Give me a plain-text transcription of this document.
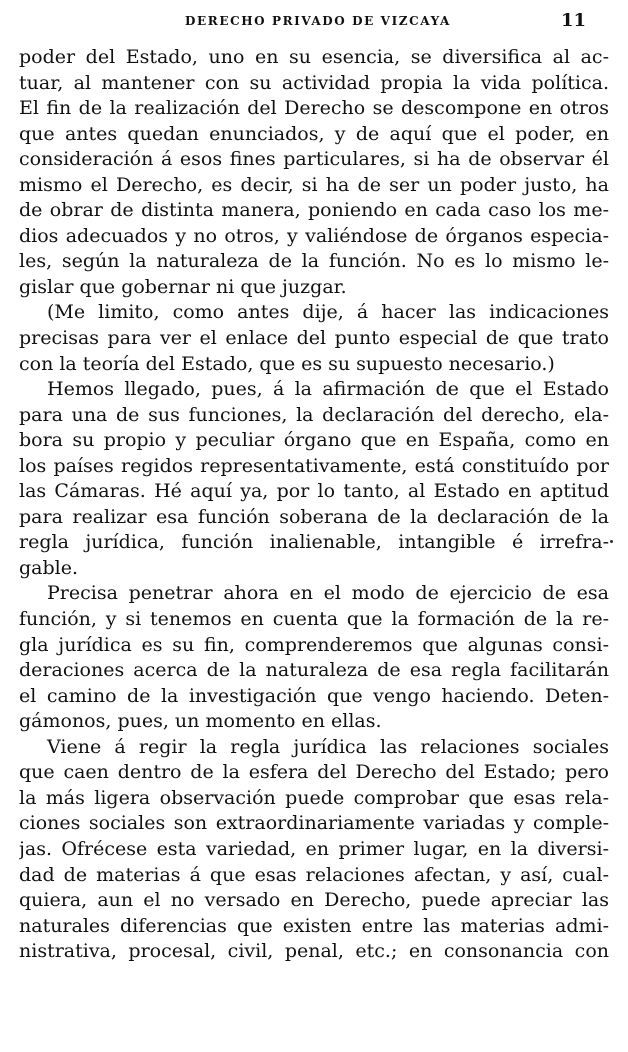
DERECHO PRIVADO DE VIZCAYA	11
poder del Estado, uno en su esencia, se diversifica al ac-
tuar, al mantener con su actividad propia la vida política.
El fin de la realización del Derecho se descompone en otros
que antes quedan enunciados, y de aquí que el poder, en
consideración á esos fines particulares, si ha de observar él
mismo el Derecho, es decir, si ha de ser un poder justo, ha
de obrar de distinta manera, poniendo en cada caso los me-
dios adecuados y no otros, y valiéndose de órganos especia-
les, según la naturaleza de la función. No es lo mismo le-
gislar que gobernar ni que juzgar.
(Me limito, como antes dije, á hacer las indicaciones
precisas para ver el enlace del punto especial de que trato
con la teoría del Estado, que es su supuesto necesario.)
Hemos llegado, pues, á la afirmación de que el Estado
para una de sus funciones, la declaración del derecho, ela-
bora su propio y peculiar órgano que en España, como en
los países regidos representativamente, está constituído por
las Cámaras. Hé aquí ya, por lo tanto, al Estado en aptitud
para realizar esa función soberana de la declaración de la
regla jurídica, función inalienable, intangible é irrefra-
gable.
Precisa penetrar ahora en el modo de ejercicio de esa
función, y si tenemos en cuenta que la formación de la re-
gla jurídica es su fin, comprenderemos que algunas consi-
deraciones acerca de la naturaleza de esa regla facilitarán
el camino de la investigación que vengo haciendo. Deten-
gámonos, pues, un momento en ellas.
Viene á regir la regla jurídica las relaciones sociales
que caen dentro de la esfera del Derecho del Estado; pero
la más ligera observación puede comprobar que esas rela-
ciones sociales son extraordinariamente variadas y comple-
jas. Ofrécese esta variedad, en primer lugar, en la diversi-
dad de materias á que esas relaciones afectan, y así, cual-
quiera, aun el no versado en Derecho, puede apreciar las
naturales diferencias que existen entre las materias admi-
nistrativa, procesal, civil, penal, etc.; en consonancia con
